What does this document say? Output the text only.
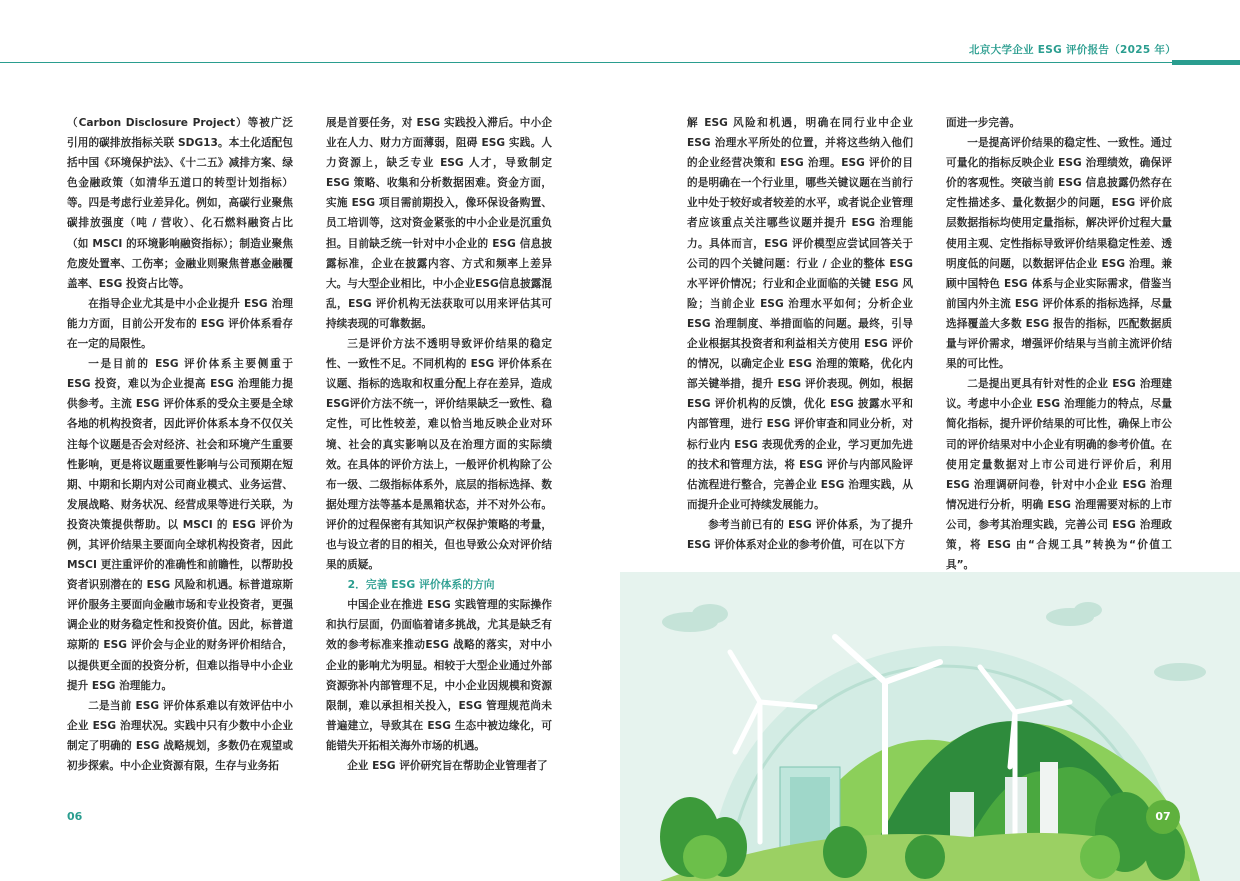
北京大学企业 ESG 评价报告（2025 年）

（Carbon Disclosure Project）等被广泛引用的碳排放指标关联 SDG13。本土化适配包括中国《环境保护法》、《十二五》减排方案、绿色金融政策（如清华五道口的转型计划指标）等。四是考虑行业差异化。例如，高碳行业聚焦碳排放强度（吨 / 营收）、化石燃料融资占比（如 MSCI 的环境影响融资指标）；制造业聚焦危废处置率、工伤率；金融业则聚焦普惠金融覆盖率、ESG 投资占比等。

在指导企业尤其是中小企业提升 ESG 治理能力方面，目前公开发布的 ESG 评价体系看存在一定的局限性。

一是目前的 ESG 评价体系主要侧重于 ESG 投资，难以为企业提高 ESG 治理能力提供参考。主流 ESG 评价体系的受众主要是全球各地的机构投资者，因此评价体系本身不仅仅关注每个议题是否会对经济、社会和环境产生重要性影响，更是将议题重要性影响与公司预期在短期、中期和长期内对公司商业模式、业务运营、发展战略、财务状况、经营成果等进行关联，为投资决策提供帮助。以 MSCI 的 ESG 评价为例，其评价结果主要面向全球机构投资者，因此 MSCI 更注重评价的准确性和前瞻性，以帮助投资者识别潜在的 ESG 风险和机遇。标普道琼斯评价服务主要面向金融市场和专业投资者，更强调企业的财务稳定性和投资价值。因此，标普道琼斯的 ESG 评价会与企业的财务评价相结合，以提供更全面的投资分析，但难以指导中小企业提升 ESG 治理能力。

二是当前 ESG 评价体系难以有效评估中小企业 ESG 治理状况。实践中只有少数中小企业制定了明确的 ESG 战略规划，多数仍在观望或初步探索。中小企业资源有限，生存与业务拓

展是首要任务，对 ESG 实践投入滞后。中小企业在人力、财力方面薄弱，阻碍 ESG 实践。人力资源上，缺乏专业 ESG 人才，导致制定 ESG 策略、收集和分析数据困难。资金方面，实施 ESG 项目需前期投入，像环保设备购置、员工培训等，这对资金紧张的中小企业是沉重负担。目前缺乏统一针对中小企业的 ESG 信息披露标准，企业在披露内容、方式和频率上差异大。与大型企业相比，中小企业ESG信息披露混乱，ESG 评价机构无法获取可以用来评估其可持续表现的可靠数据。

三是评价方法不透明导致评价结果的稳定性、一致性不足。不同机构的 ESG 评价体系在议题、指标的选取和权重分配上存在差异，造成ESG评价方法不统一，评价结果缺乏一致性、稳定性，可比性较差，难以恰当地反映企业对环境、社会的真实影响以及在治理方面的实际绩效。在具体的评价方法上，一般评价机构除了公布一级、二级指标体系外，底层的指标选择、数据处理方法等基本是黑箱状态，并不对外公布。评价的过程保密有其知识产权保护策略的考量，也与设立者的目的相关，但也导致公众对评价结果的质疑。

2．完善 ESG 评价体系的方向

中国企业在推进 ESG 实践管理的实际操作和执行层面，仍面临着诸多挑战，尤其是缺乏有效的参考标准来推动ESG 战略的落实，对中小企业的影响尤为明显。相较于大型企业通过外部资源弥补内部管理不足，中小企业因规模和资源限制，难以承担相关投入，ESG 管理规范尚未普遍建立，导致其在 ESG 生态中被边缘化，可能错失开拓相关海外市场的机遇。

企业 ESG 评价研究旨在帮助企业管理者了

解 ESG 风险和机遇，明确在同行业中企业 ESG 治理水平所处的位置，并将这些纳入他们的企业经营决策和 ESG 治理。ESG 评价的目的是明确在一个行业里，哪些关键议题在当前行业中处于较好或者较差的水平，或者说企业管理者应该重点关注哪些议题并提升 ESG 治理能力。具体而言，ESG 评价模型应尝试回答关于公司的四个关键问题：行业 / 企业的整体 ESG 水平评价情况；行业和企业面临的关键 ESG 风险；当前企业 ESG 治理水平如何；分析企业 ESG 治理制度、举措面临的问题。最终，引导企业根据其投资者和利益相关方使用 ESG 评价的情况，以确定企业 ESG 治理的策略，优化内部关键举措，提升 ESG 评价表现。例如，根据 ESG 评价机构的反馈，优化 ESG 披露水平和内部管理，进行 ESG 评价审查和同业分析，对标行业内 ESG 表现优秀的企业，学习更加先进的技术和管理方法，将 ESG 评价与内部风险评估流程进行整合，完善企业 ESG 治理实践，从而提升企业可持续发展能力。

参考当前已有的 ESG 评价体系，为了提升ESG 评价体系对企业的参考价值，可在以下方

面进一步完善。

一是提高评价结果的稳定性、一致性。通过可量化的指标反映企业 ESG 治理绩效，确保评价的客观性。突破当前 ESG 信息披露仍然存在定性描述多、量化数据少的问题，ESG 评价底层数据指标均使用定量指标，解决评价过程大量使用主观、定性指标导致评价结果稳定性差、透明度低的问题，以数据评估企业 ESG 治理。兼顾中国特色 ESG 体系与企业实际需求，借鉴当前国内外主流 ESG 评价体系的指标选择，尽量选择覆盖大多数 ESG 报告的指标，匹配数据质量与评价需求，增强评价结果与当前主流评价结果的可比性。

二是提出更具有针对性的企业 ESG 治理建议。考虑中小企业 ESG 治理能力的特点，尽量简化指标，提升评价结果的可比性，确保上市公司的评价结果对中小企业有明确的参考价值。在使用定量数据对上市公司进行评价后，利用 ESG 治理调研问卷，针对中小企业 ESG 治理情况进行分析，明确 ESG 治理需要对标的上市公司，参考其治理实践，完善公司 ESG 治理政策，将 ESG 由“合规工具”转换为“价值工具”。

06	07
